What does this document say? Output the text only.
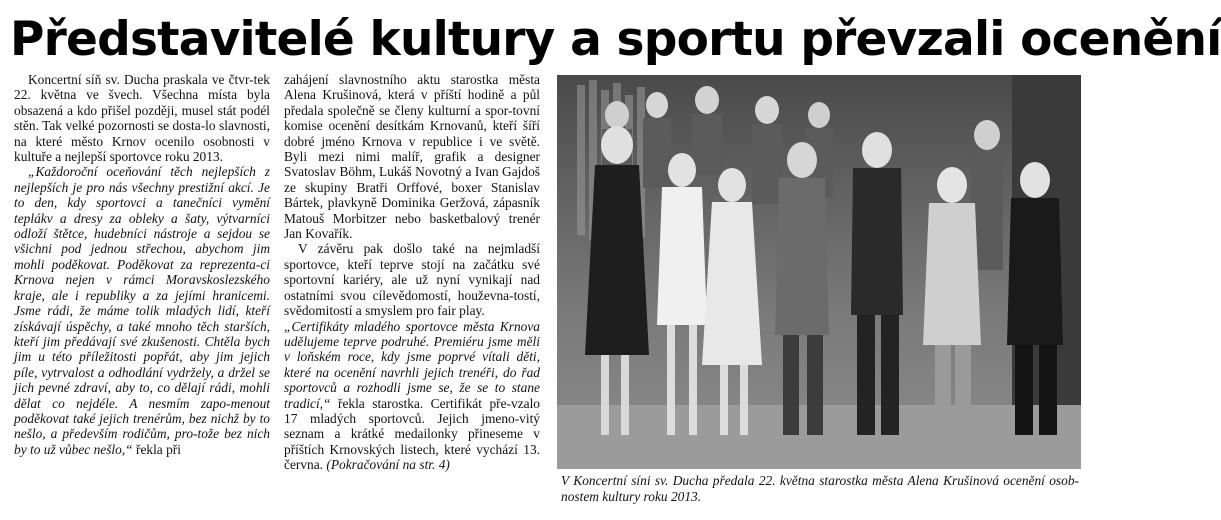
Představitelé kultury a sportu převzali ocenění

Koncertní síň sv. Ducha praskala ve čtvr-tek 22. května ve švech. Všechna místa byla obsazená a kdo přišel později, musel stát podél stěn. Tak velké pozornosti se dosta-lo slavnosti, na které město Krnov ocenilo osobnosti v kultuře a nejlepší sportovce roku 2013.

„Každoroční oceňování těch nejlepších z nejlepších je pro nás všechny prestižní akcí. Je to den, kdy sportovci a tanečníci vymění teplákv a dresy za obleky a šaty, výtvarníci odloží štětce, hudebníci nástroje a sejdou se všichni pod jednou střechou, abychom jim mohli poděkovat. Poděkovat za reprezenta-ci Krnova nejen v rámci Moravskoslezského kraje, ale i republiky a za jejími hranicemi. Jsme rádi, že máme tolik mladých lidí, kteří získávají úspěchy, a také mnoho těch starších, kteří jim předávají své zkušenosti. Chtěla bych jim u této příležitosti popřát, aby jim jejich píle, vytrvalost a odhodlání vydržely, a držel se jich pevné zdraví, aby to, co dělají rádi, mohli dělat co nejdéle. A nesmím zapo-menout poděkovat také jejich trenérům, bez nichž by to nešlo, a především rodičům, pro-tože bez nich by to už vůbec nešlo,“ řekla při

zahájení slavnostního aktu starostka města Alena Krušinová, která v příští hodině a půl předala společně se členy kulturní a spor-tovní komise ocenění desítkám Krnovanů, kteří šíří dobré jméno Krnova v republice i ve světě. Byli mezi nimi malíř, grafik a designer Svatoslav Böhm, Lukáš Novotný a Ivan Gajdoš ze skupiny Bratři Orffové, boxer Stanislav Bártek, plavkyně Dominika Geržová, zápasník Matouš Morbitzer nebo basketbalový trenér Jan Kovařík.

V závěru pak došlo také na nejmladší sportovce, kteří teprve stojí na začátku své sportovní kariéry, ale už nyní vynikají nad ostatními svou cílevědomostí, houževna-tostí, svědomitostí a smyslem pro fair play.

„Certifikáty mladého sportovce města Krnova udělujeme teprve podruhé. Premiéru jsme měli v loňském roce, kdy jsme poprvé vítali děti, které na ocenění navrhli jejich trenéři, do řad sportovců a rozhodli jsme se, že se to stane tradicí,“ řekla starostka. Certifikát pře-vzalo 17 mladých sportovců. Jejich jmeno-vitý seznam a krátké medailonky přineseme v příštích Krnovských listech, které vychází 13. června. (Pokračování na str. 4)

V Koncertní síni sv. Ducha předala 22. května starostka města Alena Krušinová ocenění osob-nostem kultury roku 2013.
